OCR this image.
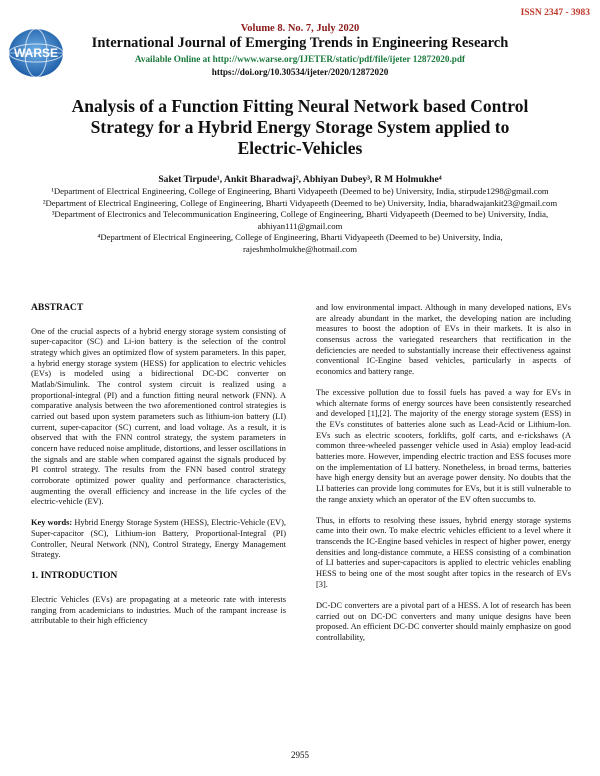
WARSE
ISSN 2347 - 3983
Volume 8. No. 7, July 2020
International Journal of Emerging Trends in Engineering Research
Available Online at http://www.warse.org/IJETER/static/pdf/file/ijeter 12872020.pdf
https://doi.org/10.30534/ijeter/2020/12872020
Analysis of a Function Fitting Neural Network based Control Strategy for a Hybrid Energy Storage System applied to Electric-Vehicles
Saket Tirpude¹, Ankit Bharadwaj², Abhiyan Dubey³, R M Holmukhe⁴
¹Department of Electrical Engineering, College of Engineering, Bharti Vidyapeeth (Deemed to be) University, India, stirpude1298@gmail.com
²Department of Electrical Engineering, College of Engineering, Bharti Vidyapeeth (Deemed to be) University, India, bharadwajankit23@gmail.com
³Department of Electronics and Telecommunication Engineering, College of Engineering, Bharti Vidyapeeth (Deemed to be) University, India, abhiyan111@gmail.com
⁴Department of Electrical Engineering, College of Engineering, Bharti Vidyapeeth (Deemed to be) University, India, rajeshmholmukhe@hotmail.com
ABSTRACT

One of the crucial aspects of a hybrid energy storage system consisting of super-capacitor (SC) and Li-ion battery is the selection of the control strategy which gives an optimized flow of system parameters. In this paper, a hybrid energy storage system (HESS) for application to electric vehicles (EVs) is modeled using a bidirectional DC-DC converter on Matlab/Simulink. The control system circuit is realized using a proportional-integral (PI) and a function fitting neural network (FNN). A comparative analysis between the two aforementioned control strategies is carried out based upon system parameters such as lithium-ion battery (LI) current, super-capacitor (SC) current, and load voltage. As a result, it is observed that with the FNN control strategy, the system parameters in concern have reduced noise amplitude, distortions, and lesser oscillations in the signals and are stable when compared against the signals produced by PI control strategy. The results from the FNN based control strategy corroborate optimized power quality and performance characteristics, augmenting the overall efficiency and increase in the life cycles of the electric-vehicle (EV).

Key words: Hybrid Energy Storage System (HESS), Electric-Vehicle (EV), Super-capacitor (SC), Lithium-ion Battery, Proportional-Integral (PI) Controller, Neural Network (NN), Control Strategy, Energy Management Strategy.

1. INTRODUCTION

Electric Vehicles (EVs) are propagating at a meteoric rate with interests ranging from academicians to industries. Much of the rampant increase is attributable to their high efficiency

and low environmental impact. Although in many developed nations, EVs are already abundant in the market, the developing nation are including measures to boost the adoption of EVs in their markets. It is also in consensus across the variegated researchers that rectification in the deficiencies are needed to substantially increase their effectiveness against conventional IC-Engine based vehicles, particularly in aspects of economics and battery range.

The excessive pollution due to fossil fuels has paved a way for EVs in which alternate forms of energy sources have been consistently researched and developed [1],[2]. The majority of the energy storage system (ESS) in the EVs constitutes of batteries alone such as Lead-Acid or Lithium-Ion. EVs such as electric scooters, forklifts, golf carts, and e-rickshaws (A common three-wheeled passenger vehicle used in Asia) employ lead-acid batteries more. However, impending electric traction and ESS focuses more on the implementation of LI battery. Nonetheless, in broad terms, batteries have high energy density but an average power density. No doubts that the LI batteries can provide long commutes for EVs, but it is still vulnerable to the range anxiety which an operator of the EV often succumbs to.

Thus, in efforts to resolving these issues, hybrid energy storage systems came into their own. To make electric vehicles efficient to a level where it transcends the IC-Engine based vehicles in respect of higher power, energy densities and long-distance commute, a HESS consisting of a combination of LI batteries and super-capacitors is applied to electric vehicles enabling HESS to being one of the most sought after topics in the research of EVs [3].

DC-DC converters are a pivotal part of a HESS. A lot of research has been carried out on DC-DC converters and many unique designs have been proposed. An efficient DC-DC converter should mainly emphasize on good controllability,

2955
